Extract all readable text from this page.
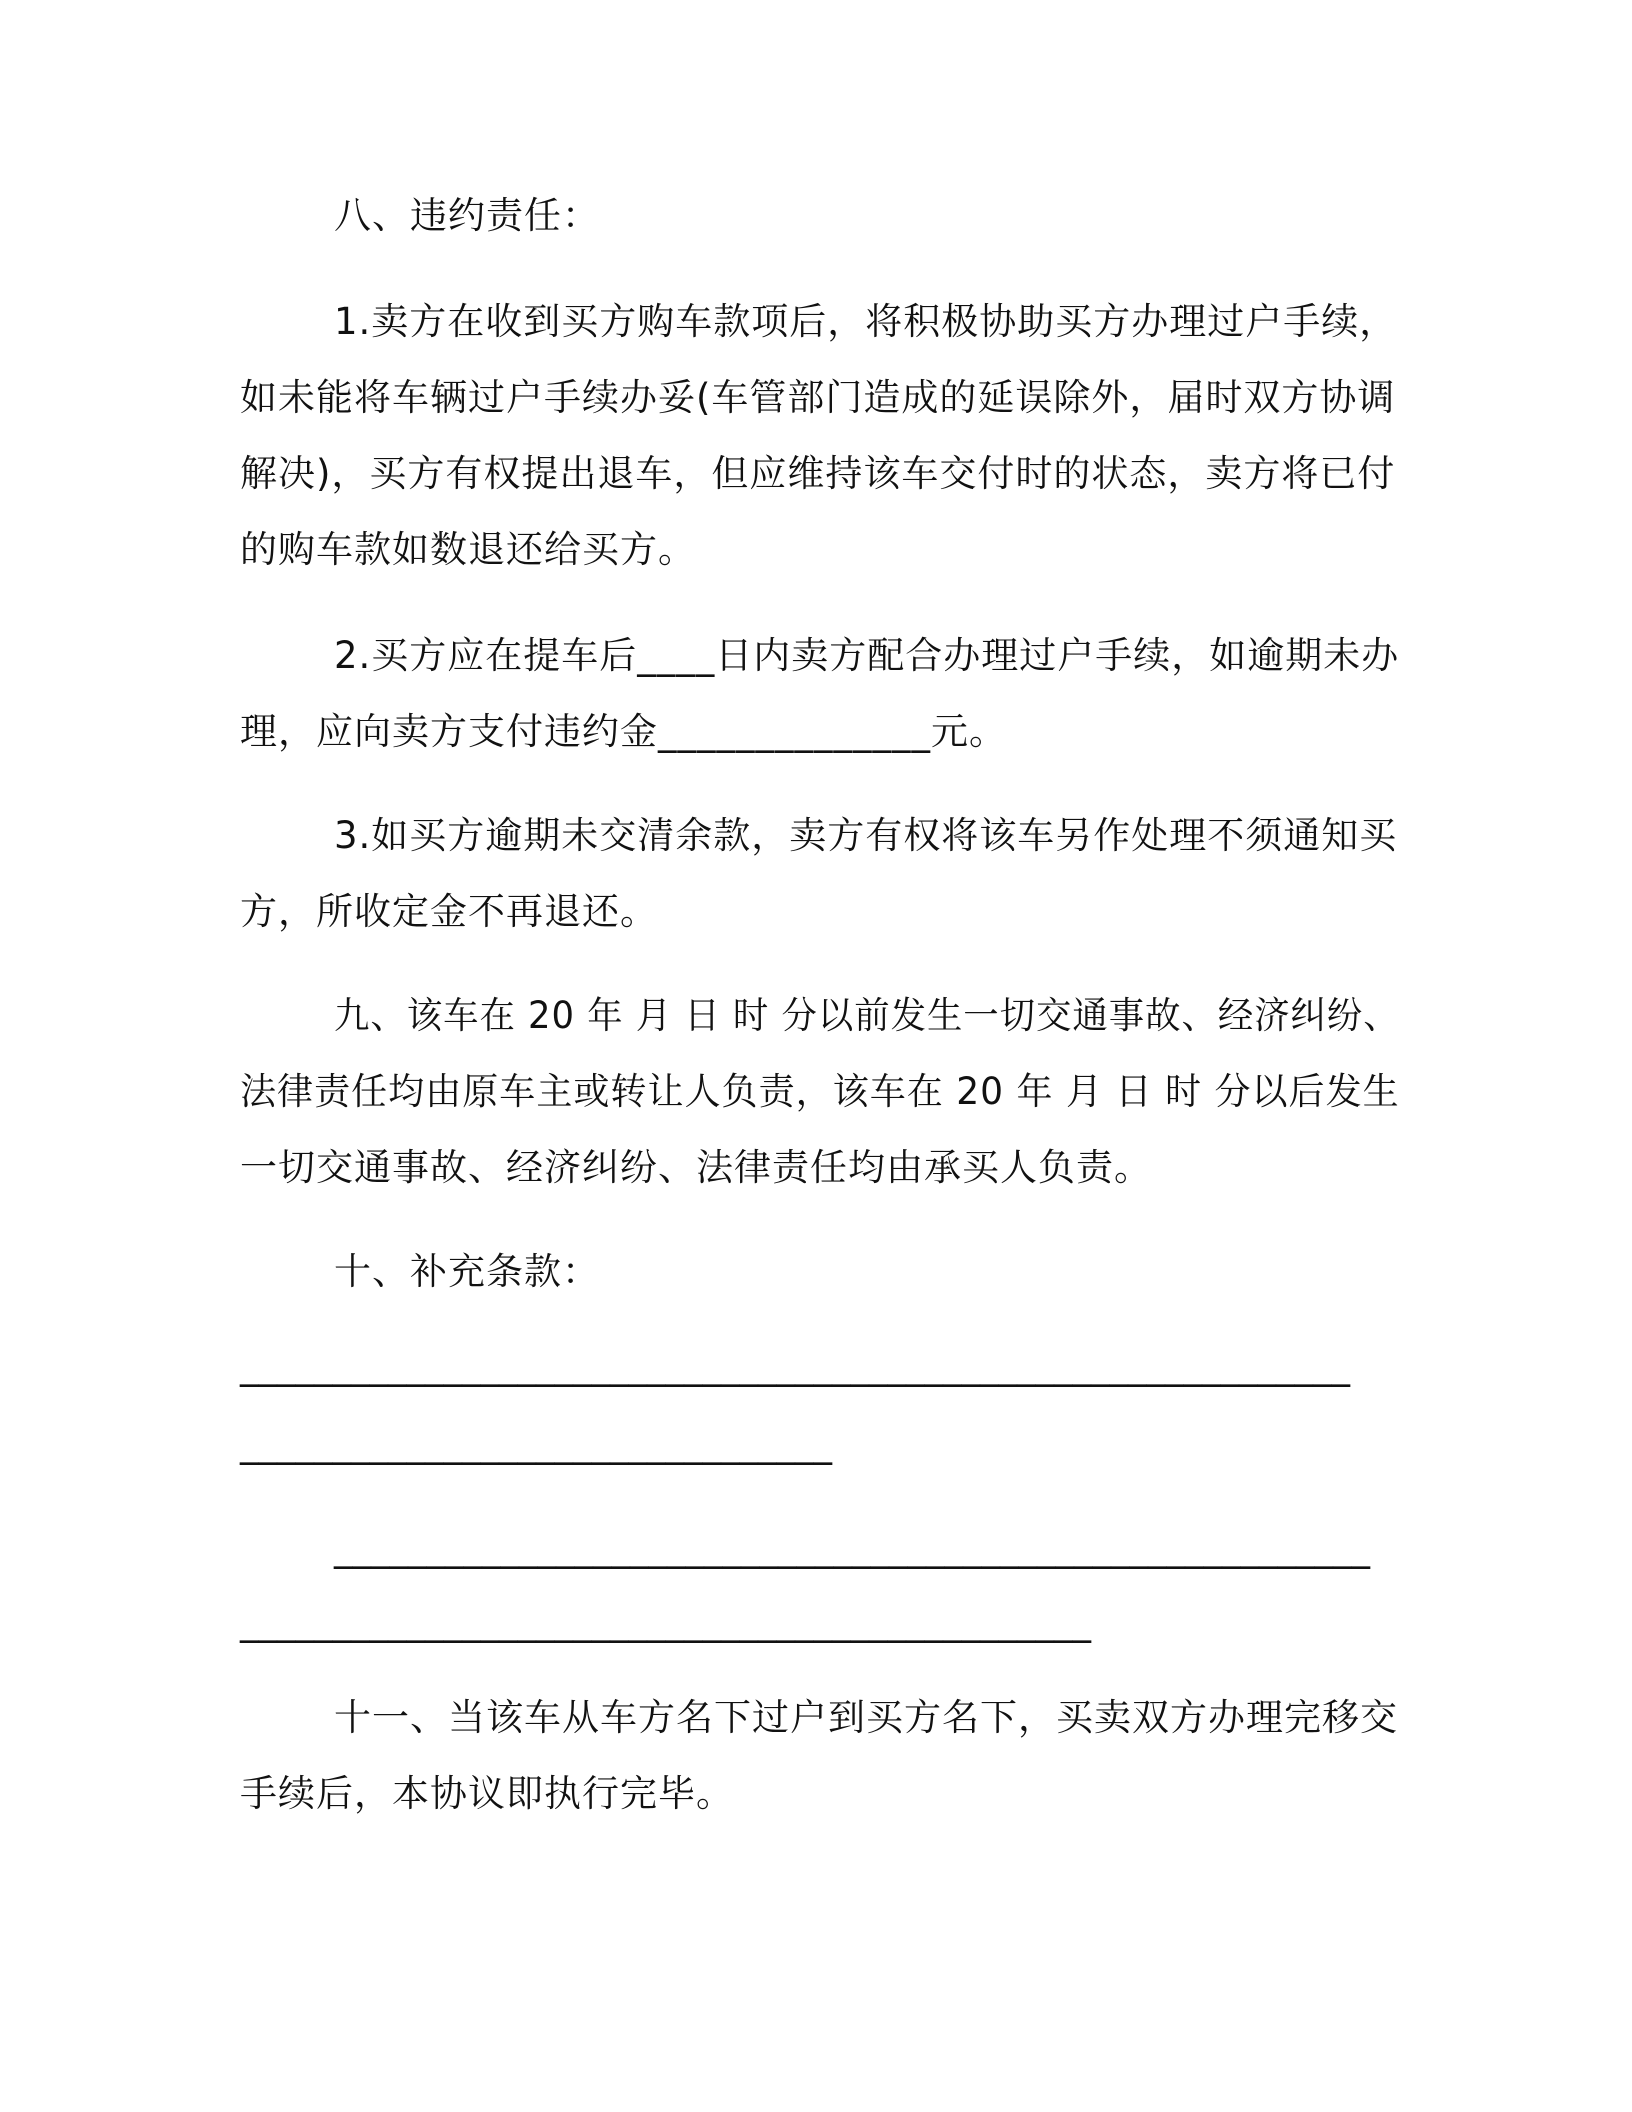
八、违约责任：
1.卖方在收到买方购车款项后，将积极协助买方办理过户手续，
如未能将车辆过户手续办妥(车管部门造成的延误除外，届时双方协调
解决)，买方有权提出退车，但应维持该车交付时的状态，卖方将已付
的购车款如数退还给买方。
2.买方应在提车后____日内卖方配合办理过户手续，如逾期未办
理，应向卖方支付违约金______________元。
3.如买方逾期未交清余款，卖方有权将该车另作处理不须通知买
方，所收定金不再退还。
九、该车在 20 年 月 日 时 分以前发生一切交通事故、经济纠纷、
法律责任均由原车主或转让人负责，该车在 20 年 月 日 时 分以后发生
一切交通事故、经济纠纷、法律责任均由承买人负责。
十、补充条款：
____________________________________________________________
________________________________
________________________________________________________
______________________________________________
十一、当该车从车方名下过户到买方名下，买卖双方办理完移交
手续后，本协议即执行完毕。
